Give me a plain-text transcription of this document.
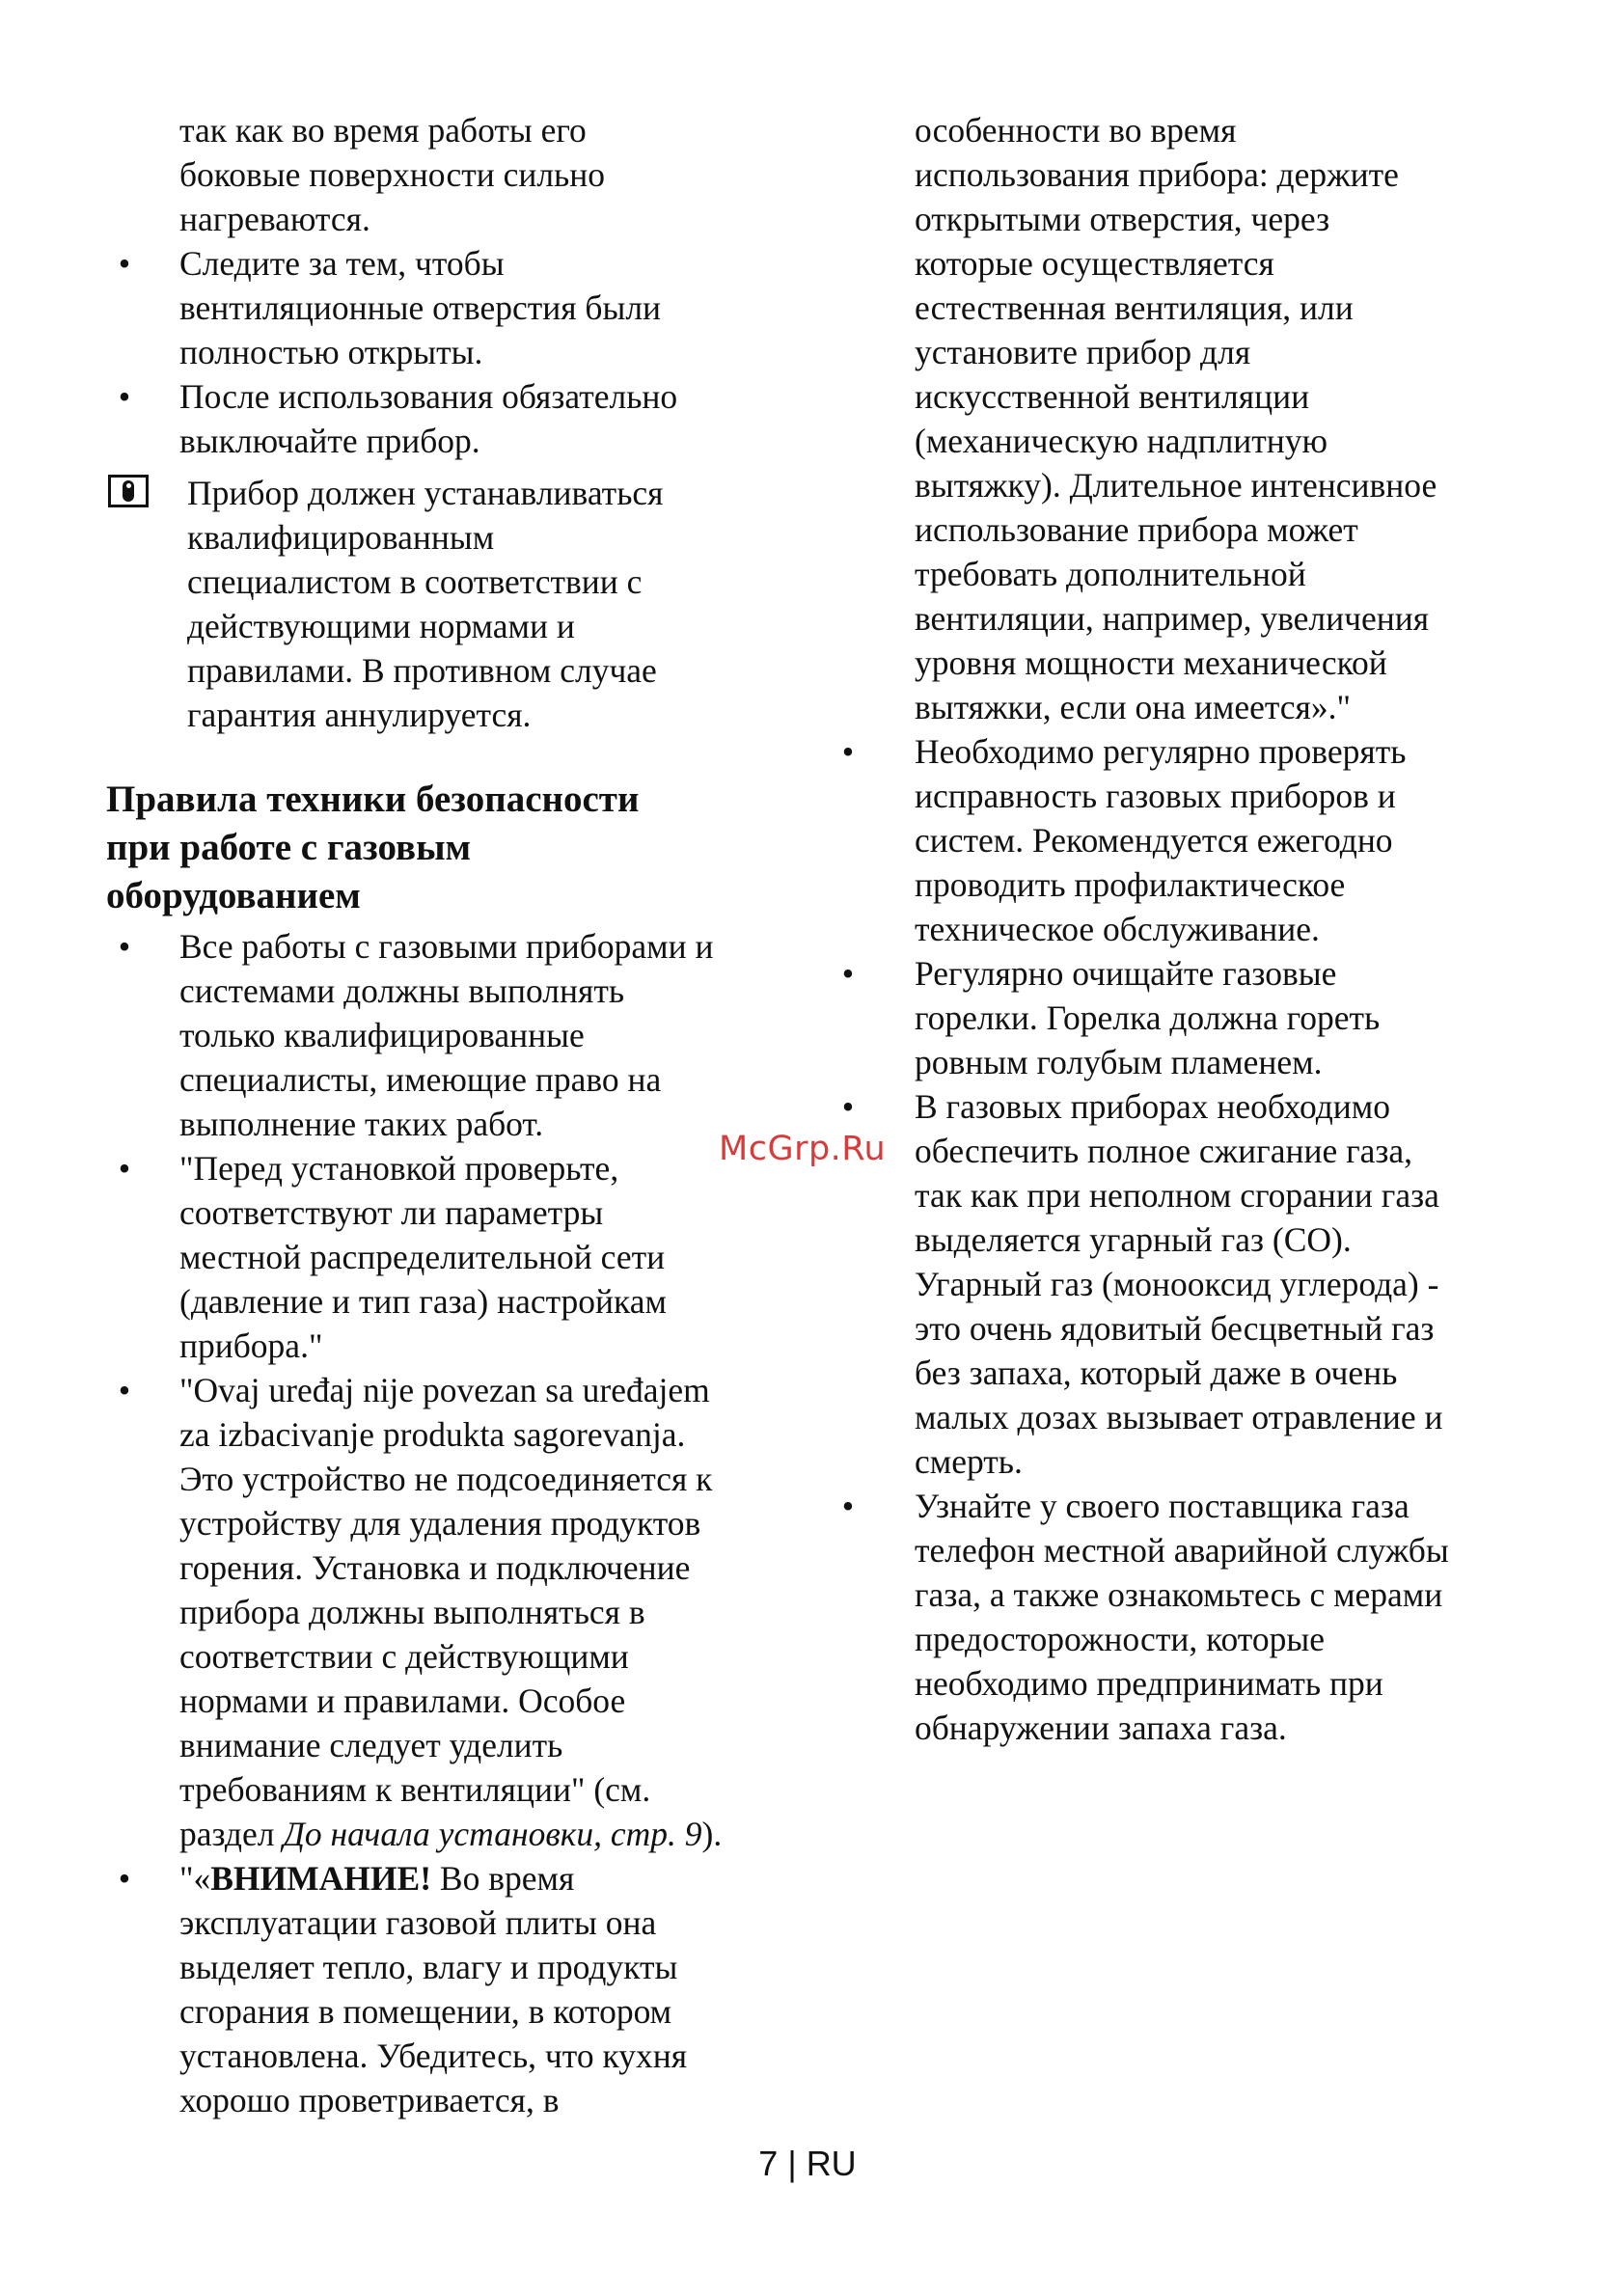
так как во время работы его
боковые поверхности сильно
нагреваются.
• Следите за тем, чтобы
вентиляционные отверстия были
полностью открыты.
• После использования обязательно
выключайте прибор.
Прибор должен устанавливаться
квалифицированным
специалистом в соответствии с
действующими нормами и
правилами. В противном случае
гарантия аннулируется.
Правила техники безопасности
при работе с газовым
оборудованием
• Все работы с газовыми приборами и
системами должны выполнять
только квалифицированные
специалисты, имеющие право на
выполнение таких работ.
• "Перед установкой проверьте,
соответствуют ли параметры
местной распределительной сети
(давление и тип газа) настройкам
прибора."
• "Ovaj uređaj nije povezan sa uređajem
za izbacivanje produkta sagorevanja.
Это устройство не подсоединяется к
устройству для удаления продуктов
горения. Установка и подключение
прибора должны выполняться в
соответствии с действующими
нормами и правилами. Особое
внимание следует уделить
требованиям к вентиляции" (см.
раздел До начала установки, стр. 9).
• "«ВНИМАНИЕ! Во время
эксплуатации газовой плиты она
выделяет тепло, влагу и продукты
сгорания в помещении, в котором
установлена. Убедитесь, что кухня
хорошо проветривается, в
особенности во время
использования прибора: держите
открытыми отверстия, через
которые осуществляется
естественная вентиляция, или
установите прибор для
искусственной вентиляции
(механическую надплитную
вытяжку). Длительное интенсивное
использование прибора может
требовать дополнительной
вентиляции, например, увеличения
уровня мощности механической
вытяжки, если она имеется»."
• Необходимо регулярно проверять
исправность газовых приборов и
систем. Рекомендуется ежегодно
проводить профилактическое
техническое обслуживание.
• Регулярно очищайте газовые
горелки. Горелка должна гореть
ровным голубым пламенем.
• В газовых приборах необходимо
обеспечить полное сжигание газа,
так как при неполном сгорании газа
выделяется угарный газ (CO).
Угарный газ (монооксид углерода) -
это очень ядовитый бесцветный газ
без запаха, который даже в очень
малых дозах вызывает отравление и
смерть.
• Узнайте у своего поставщика газа
телефон местной аварийной службы
газа, а также ознакомьтесь с мерами
предосторожности, которые
необходимо предпринимать при
обнаружении запаха газа.
McGrp.Ru
7 | RU
